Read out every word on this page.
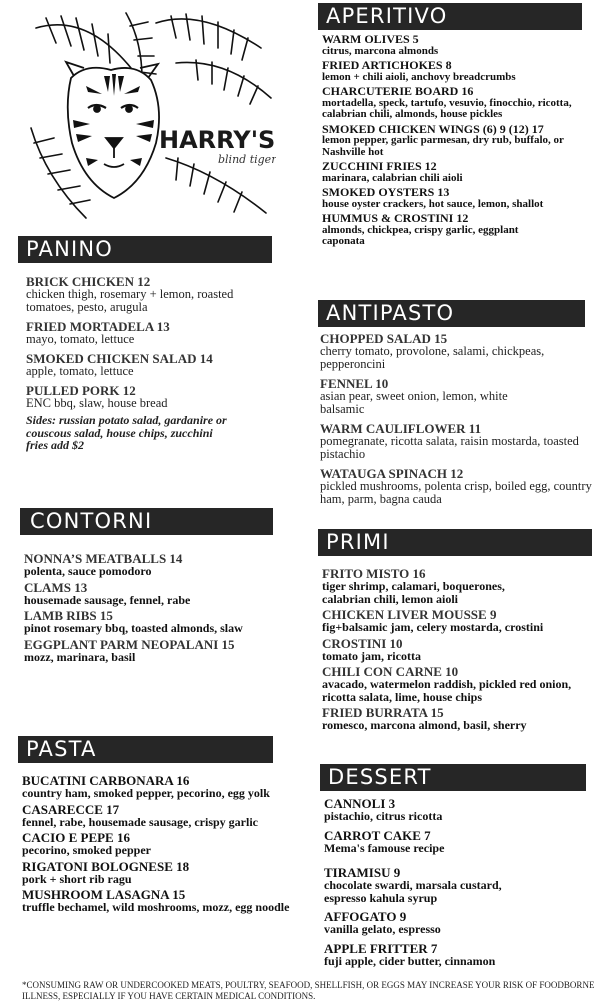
HARRY'S
blind tiger
PANINO
BRICK CHICKEN 12
chicken thigh, rosemary + lemon, roasted tomatoes, pesto, arugula
FRIED MORTADELA 13
mayo, tomato, lettuce
SMOKED CHICKEN SALAD 14
apple, tomato, lettuce
PULLED PORK 12
ENC bbq, slaw, house bread
Sides: russian potato salad, gardanire or couscous salad, house chips, zucchini fries add $2
CONTORNI
NONNA’S MEATBALLS 14
polenta, sauce pomodoro
CLAMS 13
housemade sausage, fennel, rabe
LAMB RIBS 15
pinot rosemary bbq, toasted almonds, slaw
EGGPLANT PARM NEOPALANI 15
mozz, marinara, basil
PASTA
BUCATINI CARBONARA 16
country ham, smoked pepper, pecorino, egg yolk
CASARECCE 17
fennel, rabe, housemade sausage, crispy garlic
CACIO E PEPE 16
pecorino, smoked pepper
RIGATONI BOLOGNESE 18
pork + short rib ragu
MUSHROOM LASAGNA 15
truffle bechamel, wild moshrooms, mozz, egg noodle
APERITIVO
WARM OLIVES 5
citrus, marcona almonds
FRIED ARTICHOKES 8
lemon + chili aioli, anchovy breadcrumbs
CHARCUTERIE BOARD 16
mortadella, speck, tartufo, vesuvio, finocchio, ricotta, calabrian chili, almonds, house pickles
SMOKED CHICKEN WINGS (6) 9 (12) 17
lemon pepper, garlic parmesan, dry rub, buffalo, or Nashville hot
ZUCCHINI FRIES 12
marinara, calabrian chili aioli
SMOKED OYSTERS 13
house oyster crackers, hot sauce, lemon, shallot
HUMMUS & CROSTINI 12
almonds, chickpea, crispy garlic, eggplant caponata
ANTIPASTO
CHOPPED SALAD 15
cherry tomato, provolone, salami, chickpeas, pepperoncini
FENNEL 10
asian pear, sweet onion, lemon, white balsamic
WARM CAULIFLOWER 11
pomegranate, ricotta salata, raisin mostarda, toasted pistachio
WATAUGA SPINACH 12
pickled mushrooms, polenta crisp, boiled egg, country ham, parm, bagna cauda
PRIMI
FRITO MISTO 16
tiger shrimp, calamari, boquerones, calabrian chili, lemon aioli
CHICKEN LIVER MOUSSE 9
fig+balsamic jam, celery mostarda, crostini
CROSTINI 10
tomato jam, ricotta
CHILI CON CARNE 10
avacado, watermelon raddish, pickled red onion, ricotta salata, lime, house chips
FRIED BURRATA 15
romesco, marcona almond, basil, sherry
DESSERT
CANNOLI 3
pistachio, citrus ricotta
CARROT CAKE 7
Mema's famouse recipe
TIRAMISU 9
chocolate swardi, marsala custard, espresso kahula syrup
AFFOGATO 9
vanilla gelato, espresso
APPLE FRITTER 7
fuji apple, cider butter, cinnamon
*CONSUMING RAW OR UNDERCOOKED MEATS, POULTRY, SEAFOOD, SHELLFISH, OR EGGS MAY INCREASE YOUR RISK OF FOODBORNE ILLNESS, ESPECIALLY IF YOU HAVE CERTAIN MEDICAL CONDITIONS.
